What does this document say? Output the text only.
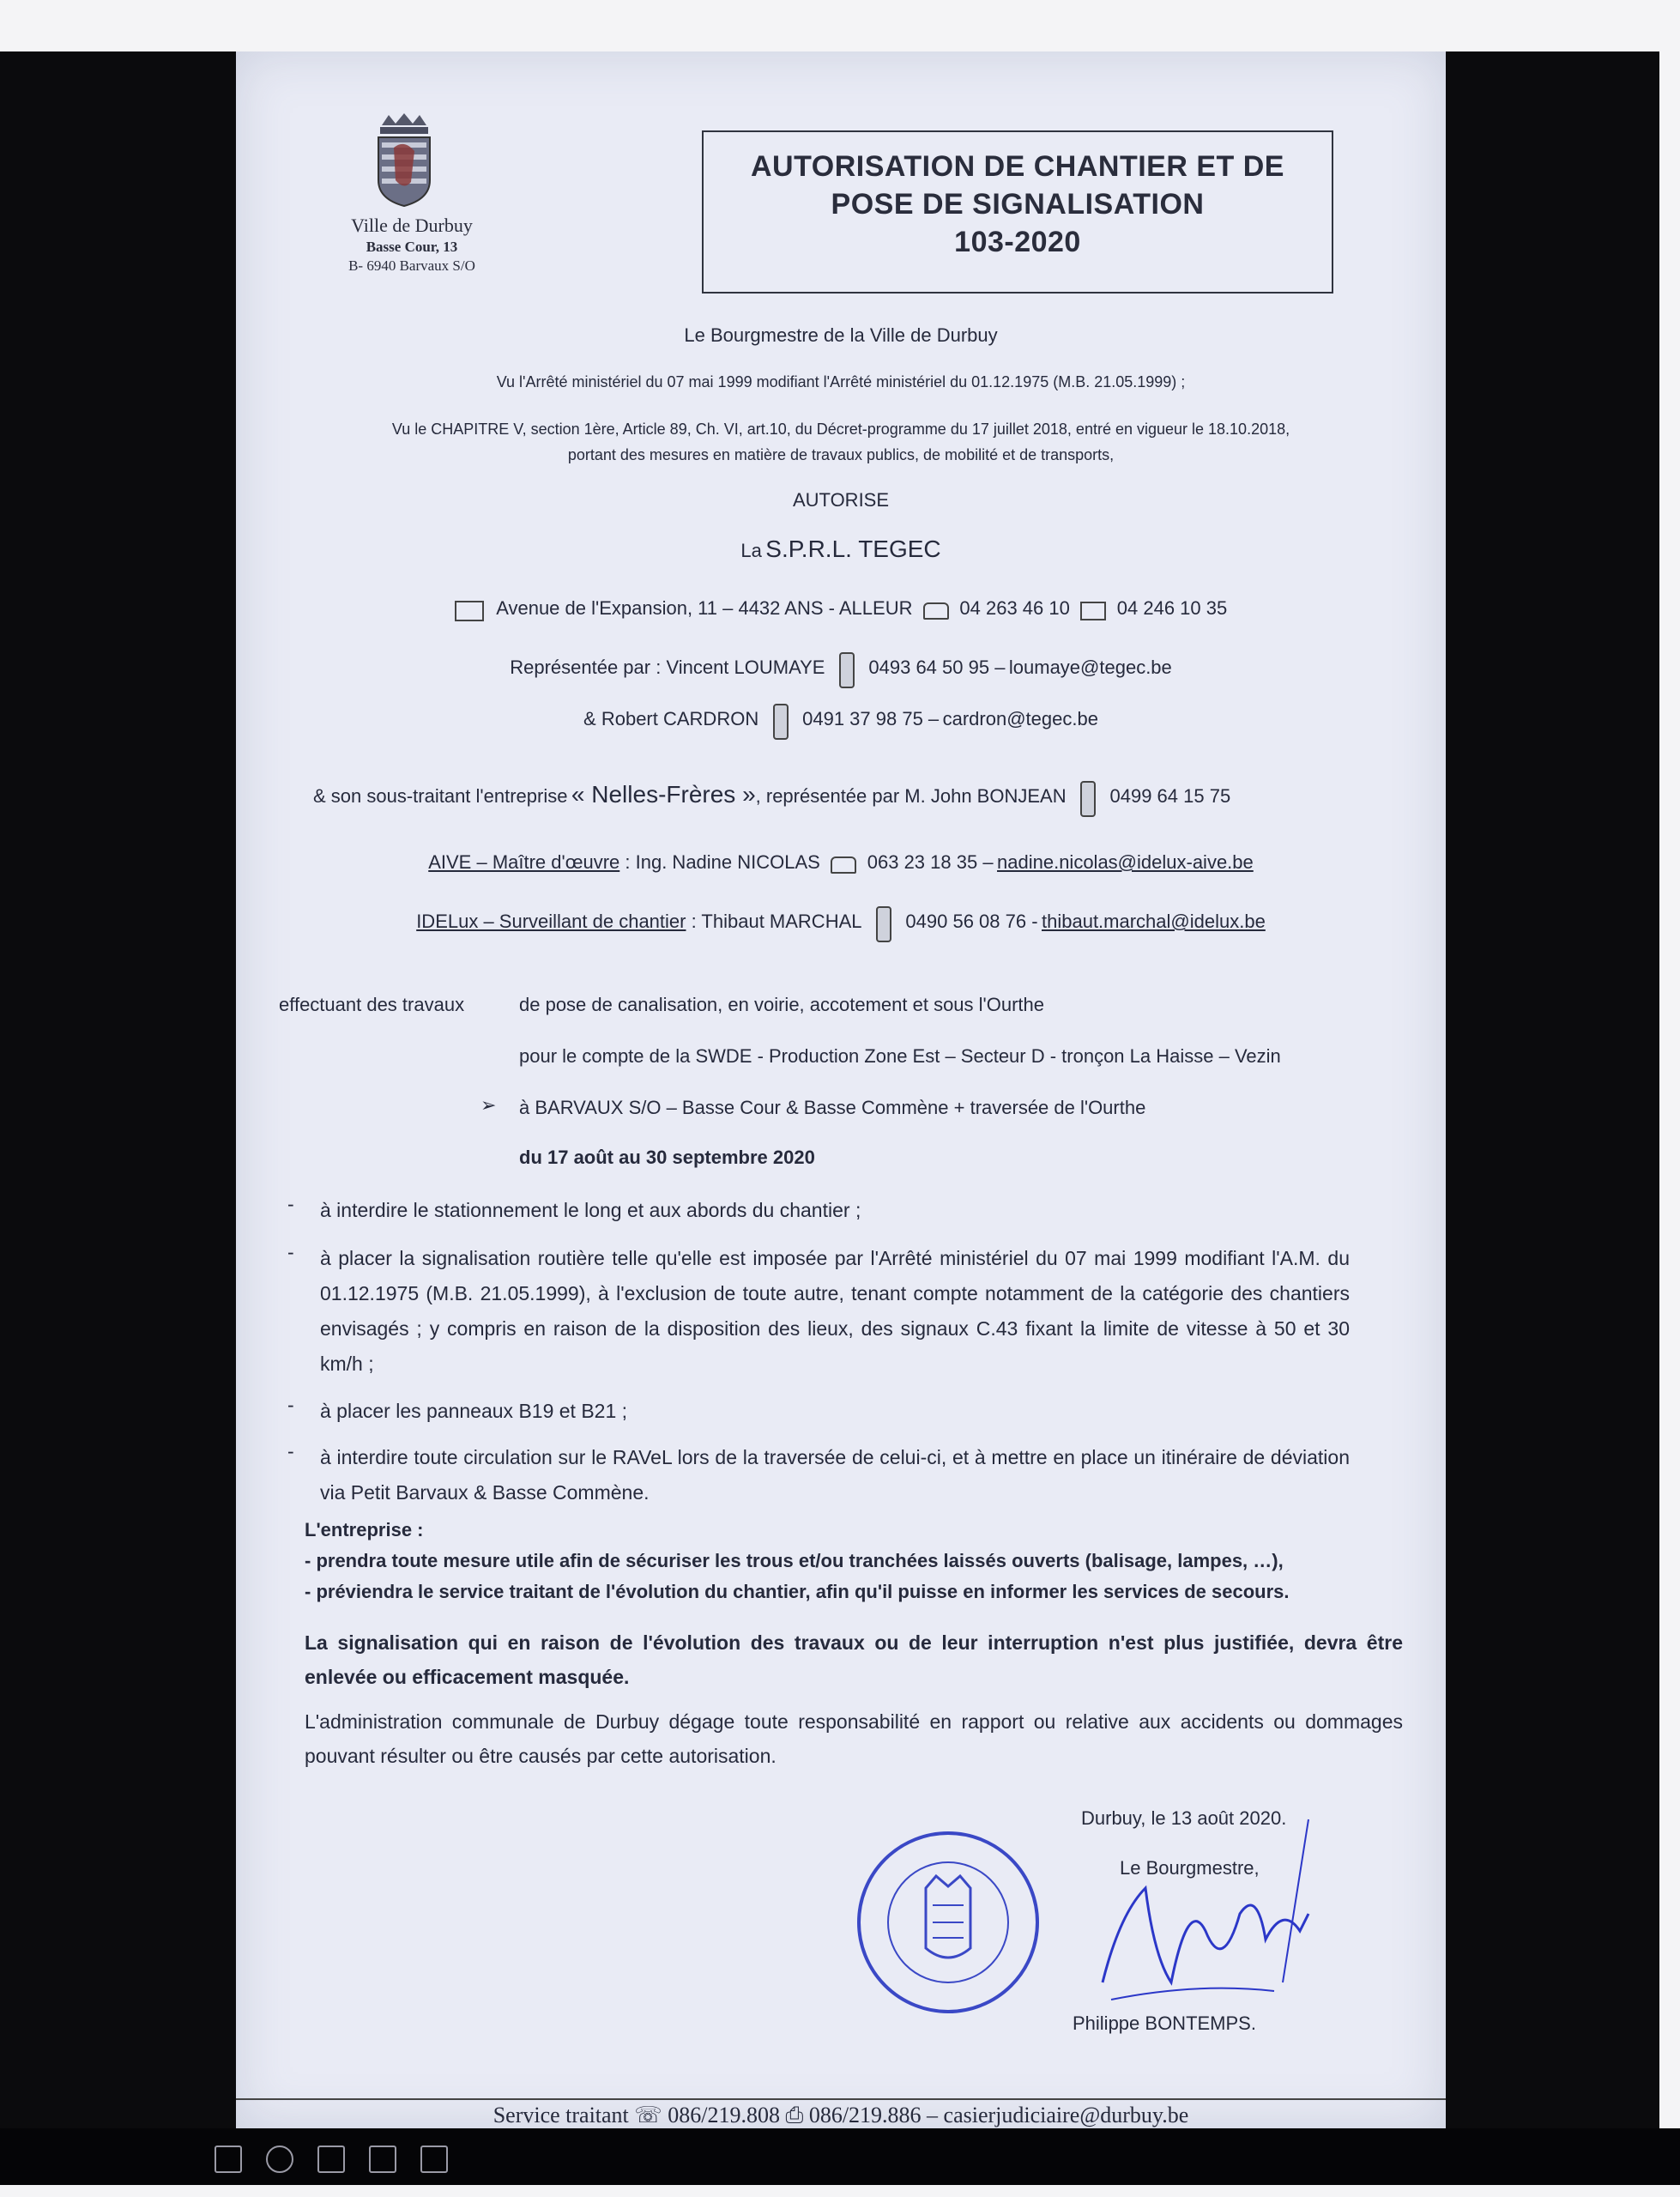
Ville de Durbuy
Basse Cour, 13
B- 6940 Barvaux S/O
AUTORISATION DE CHANTIER ET DE
POSE DE SIGNALISATION
103-2020
Le Bourgmestre de la Ville de Durbuy
Vu l'Arrêté ministériel du 07 mai 1999 modifiant l'Arrêté ministériel du 01.12.1975 (M.B. 21.05.1999) ;
Vu le CHAPITRE V, section 1ère, Article 89, Ch. VI, art.10, du Décret-programme du 17 juillet 2018, entré en vigueur le 18.10.2018,
portant des mesures en matière de travaux publics, de mobilité et de transports,
AUTORISE
La S.P.R.L. TEGEC
Avenue de l'Expansion, 11 – 4432 ANS - ALLEUR 04 263 46 10 04 246 10 35
Représentée par : Vincent LOUMAYE 0493 64 50 95 – loumaye@tegec.be
& Robert CARDRON 0491 37 98 75 – cardron@tegec.be
& son sous-traitant l'entreprise « Nelles-Frères », représentée par M. John BONJEAN 0499 64 15 75
AIVE – Maître d'œuvre : Ing. Nadine NICOLAS 063 23 18 35 – nadine.nicolas@idelux-aive.be
IDELux – Surveillant de chantier : Thibaut MARCHAL 0490 56 08 76 - thibaut.marchal@idelux.be
effectuant des travaux	de pose de canalisation, en voirie, accotement et sous l'Ourthe
pour le compte de la SWDE - Production Zone Est – Secteur D - tronçon La Haisse – Vezin
➢ à BARVAUX S/O – Basse Cour & Basse Commène + traversée de l'Ourthe
du 17 août au 30 septembre 2020
- à interdire le stationnement le long et aux abords du chantier ;
- à placer la signalisation routière telle qu'elle est imposée par l'Arrêté ministériel du 07 mai 1999 modifiant l'A.M. du 01.12.1975 (M.B. 21.05.1999), à l'exclusion de toute autre, tenant compte notamment de la catégorie des chantiers envisagés ; y compris en raison de la disposition des lieux, des signaux C.43 fixant la limite de vitesse à 50 et 30 km/h ;
- à placer les panneaux B19 et B21 ;
- à interdire toute circulation sur le RAVeL lors de la traversée de celui-ci, et à mettre en place un itinéraire de déviation via Petit Barvaux & Basse Commène.
L'entreprise :
- prendra toute mesure utile afin de sécuriser les trous et/ou tranchées laissés ouverts (balisage, lampes, …),
- préviendra le service traitant de l'évolution du chantier, afin qu'il puisse en informer les services de secours.
La signalisation qui en raison de l'évolution des travaux ou de leur interruption n'est plus justifiée, devra être enlevée ou efficacement masquée.
L'administration communale de Durbuy dégage toute responsabilité en rapport ou relative aux accidents ou dommages pouvant résulter ou être causés par cette autorisation.
Durbuy, le 13 août 2020.
Le Bourgmestre,
Philippe BONTEMPS.
Service traitant ☏ 086/219.808 ⎙ 086/219.886 – casierjudiciaire@durbuy.be
